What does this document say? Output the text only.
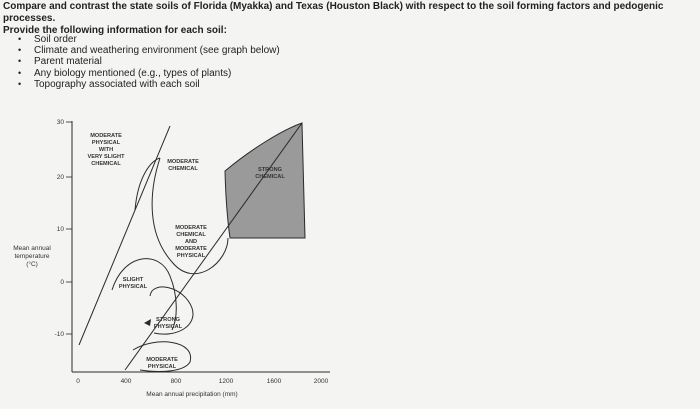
Compare and contrast the state soils of Florida (Myakka) and Texas (Houston Black) with respect to the soil forming factors and pedogenic processes.
Provide the following information for each soil:
•	Soil order
•	Climate and weathering environment (see graph below)
•	Parent material
•	Any biology mentioned (e.g., types of plants)
•	Topography associated with each soil
30
20
10
0
-10
0	400	800	1200	1600	2000
Mean annual precipitation (mm)
Mean annual
temperature
(°C)
MODERATE
PHYSICAL
WITH
VERY SLIGHT
CHEMICAL	MODERATE
CHEMICAL	STRONG
CHEMICAL
MODERATE
CHEMICAL
AND
MODERATE
PHYSICAL
SLIGHT
PHYSICAL
STRONG
PHYSICAL
MODERATE
PHYSICAL
